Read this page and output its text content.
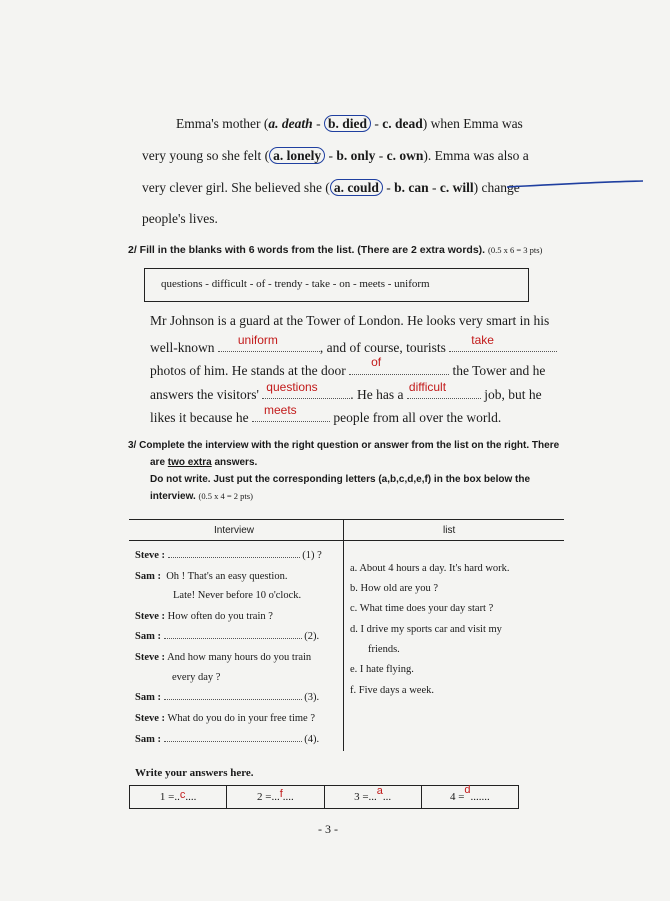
Emma's mother (a. death - b. died - c. dead) when Emma was
very young so she felt ( a. lonely - b. only - c. own). Emma was also a
very clever girl. She believed she ( a. could - b. can - c. will) change
people's lives.
2/ Fill in the blanks with 6 words from the list. (There are 2 extra words). (0.5 x 6 = 3 pts)
questions - difficult - of - trendy - take - on - meets - uniform
Mr Johnson is a guard at the Tower of London. He looks very smart in his
well-known uniform	, and of course, tourists take
photos of him. He stands at the door
of
the Tower and he
answers the visitors' questions . He has a difficult	job, but he
likes it because he meets	people from all over the world.
3/ Complete the interview with the right question or answer from the list on the right. There
are two extra answers.
Do not write. Just put the corresponding letters (a,b,c,d,e,f) in the box below the
interview. (0.5 x 4 = 2 pts)
Interview	list
Steve :	(1) ?
Sam : Oh ! That's an easy question.
Late! Never before 10 o'clock.
Steve : How often do you train ?
Sam :	(2).
Steve : And how many hours do you train
every day ?
Sam :	(3).
Steve : What do you do in your free time ?
Sam :	(4).
a. About 4 hours a day. It's hard work.
b. How old are you ?
c. What time does your day start ?
d. I drive my sports car and visit my
friends.
e. I hate flying.
f. Five days a week.
Write your answers here.
1 = .. c ....	2 = ... f ....	3 = ... a ...	4 =
d
.......
- 3 -
